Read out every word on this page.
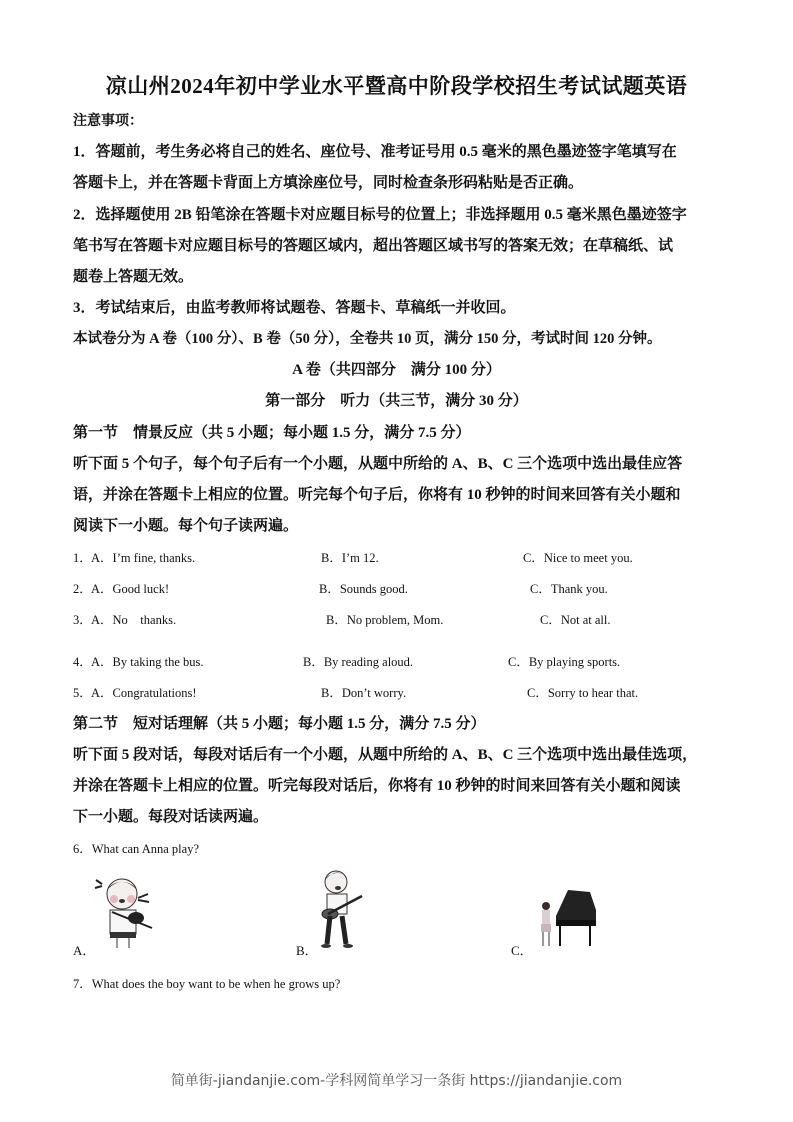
凉山州2024年初中学业水平暨高中阶段学校招生考试试题英语
注意事项：
1．答题前，考生务必将自己的姓名、座位号、准考证号用 0.5 毫米的黑色墨迹签字笔填写在
答题卡上，并在答题卡背面上方填涂座位号，同时检查条形码粘贴是否正确。
2．选择题使用 2B 铅笔涂在答题卡对应题目标号的位置上；非选择题用 0.5 毫米黑色墨迹签字
笔书写在答题卡对应题目标号的答题区域内，超出答题区域书写的答案无效；在草稿纸、试
题卷上答题无效。
3．考试结束后，由监考教师将试题卷、答题卡、草稿纸一并收回。
本试卷分为 A 卷（100 分）、B 卷（50 分），全卷共 10 页，满分 150 分，考试时间 120 分钟。
A 卷（共四部分　满分 100 分）
第一部分　听力（共三节，满分 30 分）
第一节　情景反应（共 5 小题；每小题 1.5 分，满分 7.5 分）
听下面 5 个句子，每个句子后有一个小题，从题中所给的 A、B、C 三个选项中选出最佳应答
语，并涂在答题卡上相应的位置。听完每个句子后，你将有 10 秒钟的时间来回答有关小题和
阅读下一小题。每个句子读两遍。
1． A．I’m fine, thanks.	B．I’m 12.	C．Nice to meet you.
2． A．Good luck!	B．Sounds good.	C．Thank you.
3． A．No　thanks.	B．No problem, Mom.	C．Not at all.
4． A．By taking the bus.	B．By reading aloud.	C．By playing sports.
5． A．Congratulations!	B．Don’t worry.	C．Sorry to hear that.
第二节　短对话理解（共 5 小题；每小题 1.5 分，满分 7.5 分）
听下面 5 段对话，每段对话后有一个小题，从题中所给的 A、B、C 三个选项中选出最佳选项，
并涂在答题卡上相应的位置。听完每段对话后，你将有 10 秒钟的时间来回答有关小题和阅读
下一小题。每段对话读两遍。
6．What can Anna play?
A．	B．	C．
7．What does the boy want to be when he grows up?
简单街-jiandanjie.com-学科网简单学习一条街 https://jiandanjie.com
